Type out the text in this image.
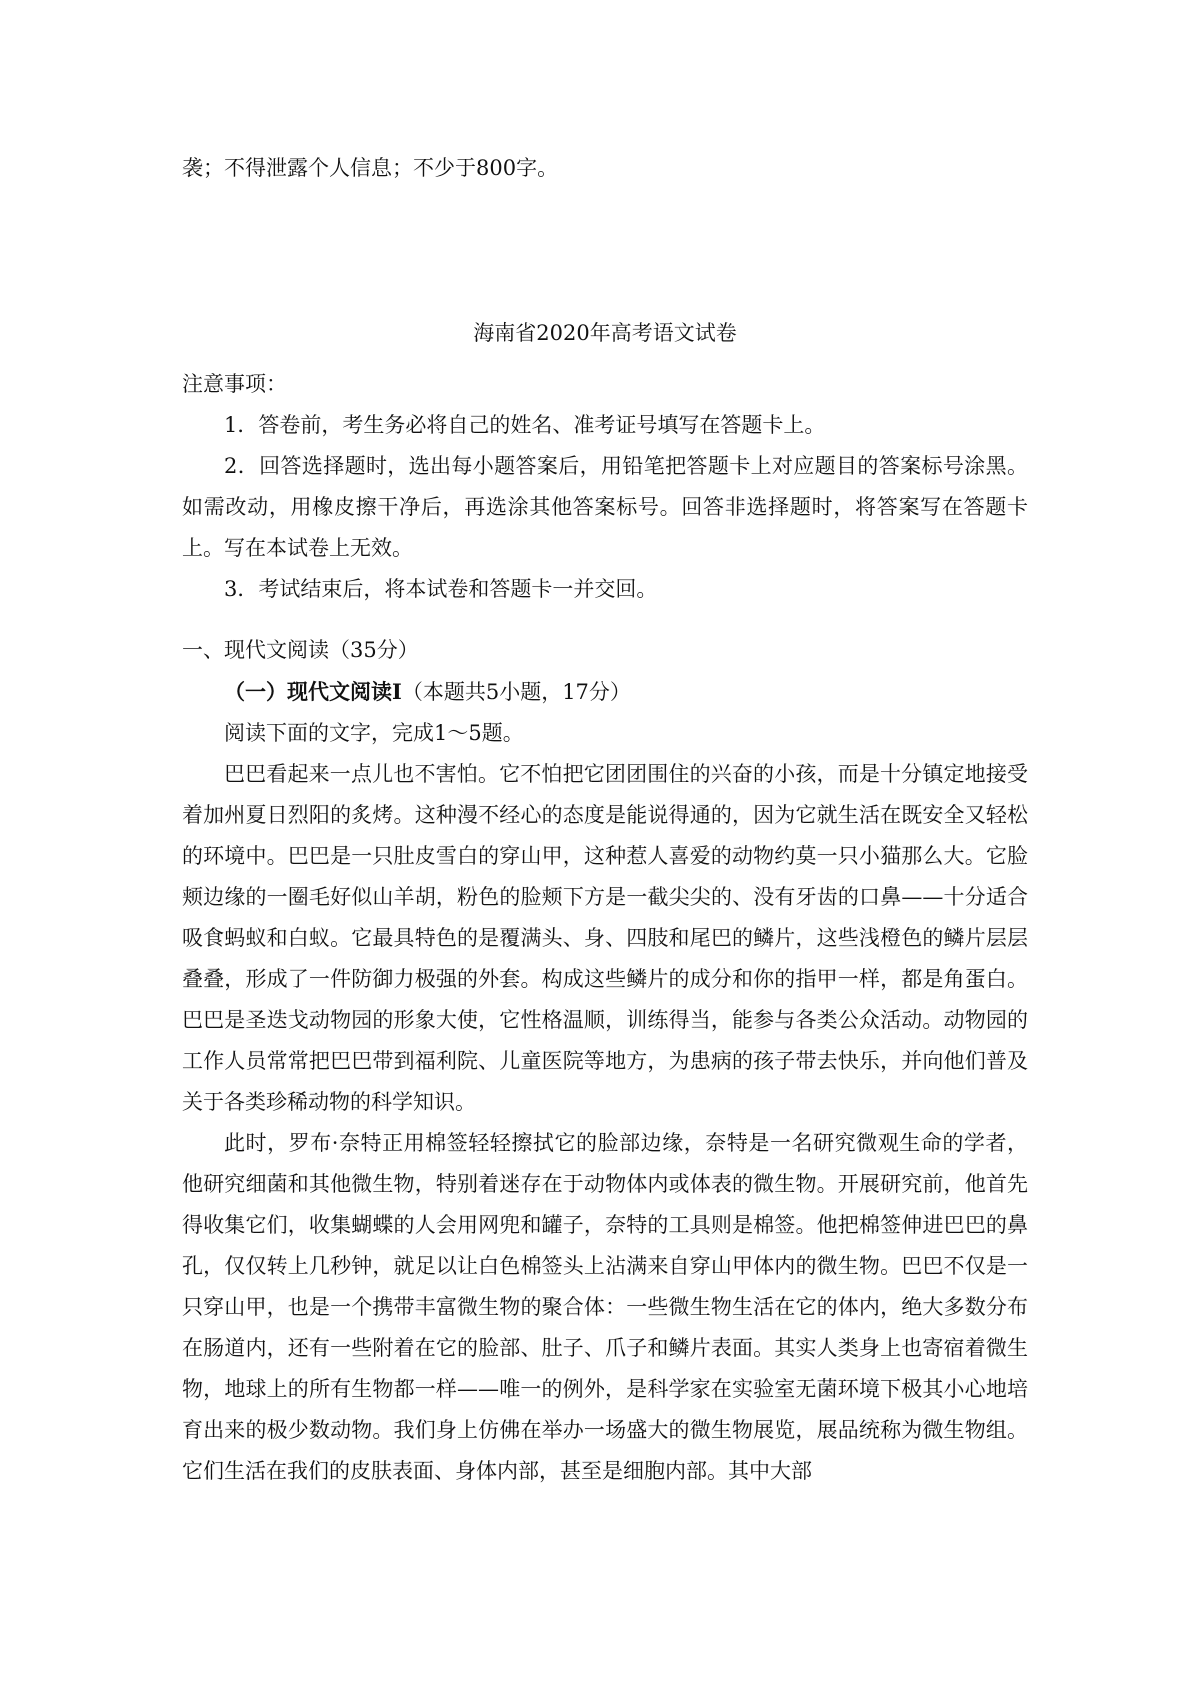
袭；不得泄露个人信息；不少于800字。

海南省2020年高考语文试卷

注意事项：

1．答卷前，考生务必将自己的姓名、准考证号填写在答题卡上。

2．回答选择题时，选出每小题答案后，用铅笔把答题卡上对应题目的答案标号涂黑。如需改动，用橡皮擦干净后，再选涂其他答案标号。回答非选择题时，将答案写在答题卡上。写在本试卷上无效。

3．考试结束后，将本试卷和答题卡一并交回。

一、现代文阅读（35分）

（一）现代文阅读Ⅰ（本题共5小题，17分）

阅读下面的文字，完成1～5题。

巴巴看起来一点儿也不害怕。它不怕把它团团围住的兴奋的小孩，而是十分镇定地接受着加州夏日烈阳的炙烤。这种漫不经心的态度是能说得通的，因为它就生活在既安全又轻松的环境中。巴巴是一只肚皮雪白的穿山甲，这种惹人喜爱的动物约莫一只小猫那么大。它脸颊边缘的一圈毛好似山羊胡，粉色的脸颊下方是一截尖尖的、没有牙齿的口鼻——十分适合吸食蚂蚁和白蚁。它最具特色的是覆满头、身、四肢和尾巴的鳞片，这些浅橙色的鳞片层层叠叠，形成了一件防御力极强的外套。构成这些鳞片的成分和你的指甲一样，都是角蛋白。巴巴是圣迭戈动物园的形象大使，它性格温顺，训练得当，能参与各类公众活动。动物园的工作人员常常把巴巴带到福利院、儿童医院等地方，为患病的孩子带去快乐，并向他们普及关于各类珍稀动物的科学知识。

此时，罗布·奈特正用棉签轻轻擦拭它的脸部边缘，奈特是一名研究微观生命的学者，他研究细菌和其他微生物，特别着迷存在于动物体内或体表的微生物。开展研究前，他首先得收集它们，收集蝴蝶的人会用网兜和罐子，奈特的工具则是棉签。他把棉签伸进巴巴的鼻孔，仅仅转上几秒钟，就足以让白色棉签头上沾满来自穿山甲体内的微生物。巴巴不仅是一只穿山甲，也是一个携带丰富微生物的聚合体：一些微生物生活在它的体内，绝大多数分布在肠道内，还有一些附着在它的脸部、肚子、爪子和鳞片表面。其实人类身上也寄宿着微生物，地球上的所有生物都一样——唯一的例外，是科学家在实验室无菌环境下极其小心地培育出来的极少数动物。我们身上仿佛在举办一场盛大的微生物展览，展品统称为微生物组。它们生活在我们的皮肤表面、身体内部，甚至是细胞内部。其中大部
